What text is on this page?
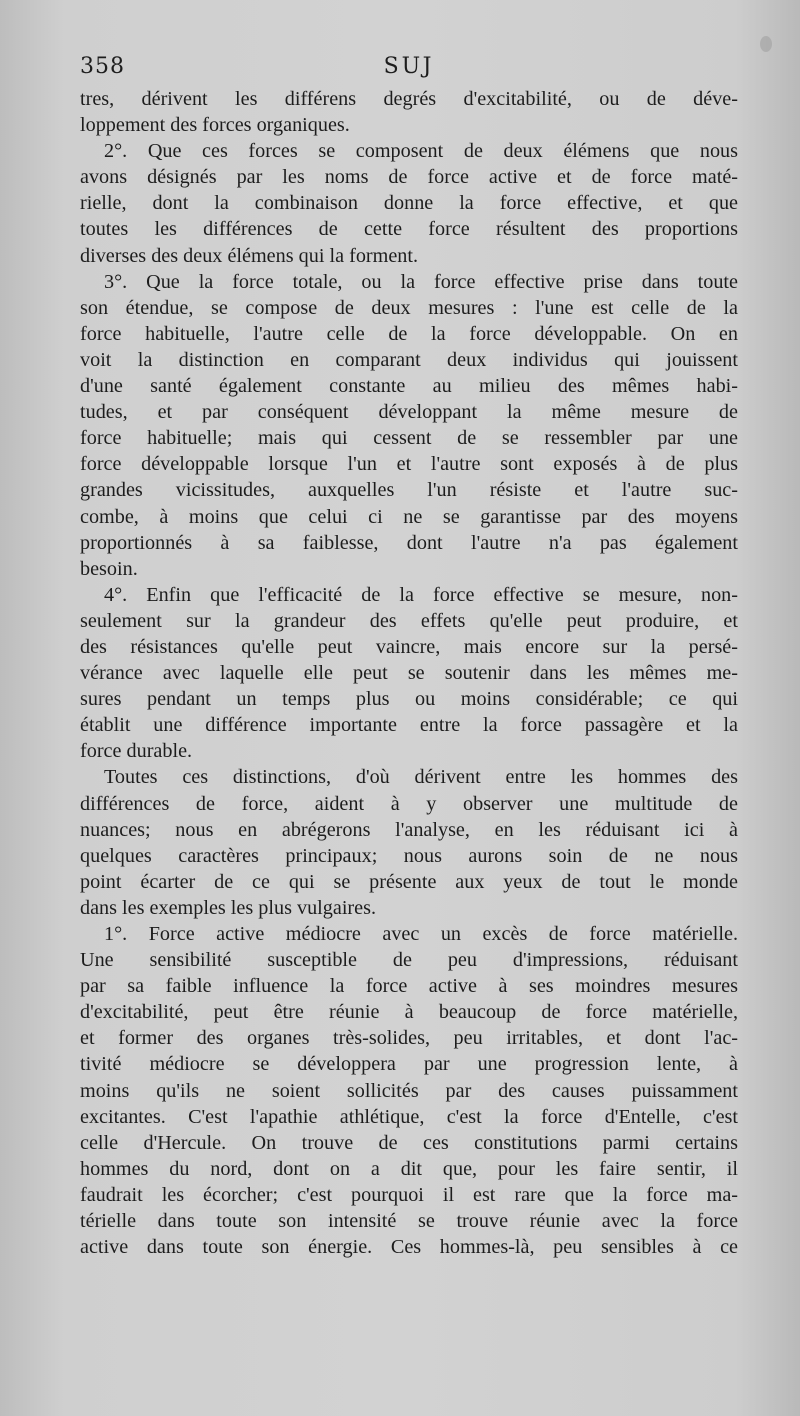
358	SUJ
tres, dérivent les différens degrés d'excitabilité, ou de déve-
loppement des forces organiques.
2°. Que ces forces se composent de deux élémens que nous
avons désignés par les noms de force active et de force maté-
rielle, dont la combinaison donne la force effective, et que
toutes les différences de cette force résultent des proportions
diverses des deux élémens qui la forment.
3°. Que la force totale, ou la force effective prise dans toute
son étendue, se compose de deux mesures : l'une est celle de la
force habituelle, l'autre celle de la force développable. On en
voit la distinction en comparant deux individus qui jouissent
d'une santé également constante au milieu des mêmes habi-
tudes, et par conséquent développant la même mesure de
force habituelle; mais qui cessent de se ressembler par une
force développable lorsque l'un et l'autre sont exposés à de plus
grandes vicissitudes, auxquelles l'un résiste et l'autre suc-
combe, à moins que celui ci ne se garantisse par des moyens
proportionnés à sa faiblesse, dont l'autre n'a pas également
besoin.
4°. Enfin que l'efficacité de la force effective se mesure, non-
seulement sur la grandeur des effets qu'elle peut produire, et
des résistances qu'elle peut vaincre, mais encore sur la persé-
vérance avec laquelle elle peut se soutenir dans les mêmes me-
sures pendant un temps plus ou moins considérable; ce qui
établit une différence importante entre la force passagère et la
force durable.
Toutes ces distinctions, d'où dérivent entre les hommes des
différences de force, aident à y observer une multitude de
nuances; nous en abrégerons l'analyse, en les réduisant ici à
quelques caractères principaux; nous aurons soin de ne nous
point écarter de ce qui se présente aux yeux de tout le monde
dans les exemples les plus vulgaires.
1°. Force active médiocre avec un excès de force matérielle.
Une sensibilité susceptible de peu d'impressions, réduisant
par sa faible influence la force active à ses moindres mesures
d'excitabilité, peut être réunie à beaucoup de force matérielle,
et former des organes très-solides, peu irritables, et dont l'ac-
tivité médiocre se développera par une progression lente, à
moins qu'ils ne soient sollicités par des causes puissamment
excitantes. C'est l'apathie athlétique, c'est la force d'Entelle, c'est
celle d'Hercule. On trouve de ces constitutions parmi certains
hommes du nord, dont on a dit que, pour les faire sentir, il
faudrait les écorcher; c'est pourquoi il est rare que la force ma-
térielle dans toute son intensité se trouve réunie avec la force
active dans toute son énergie. Ces hommes-là, peu sensibles à ce
